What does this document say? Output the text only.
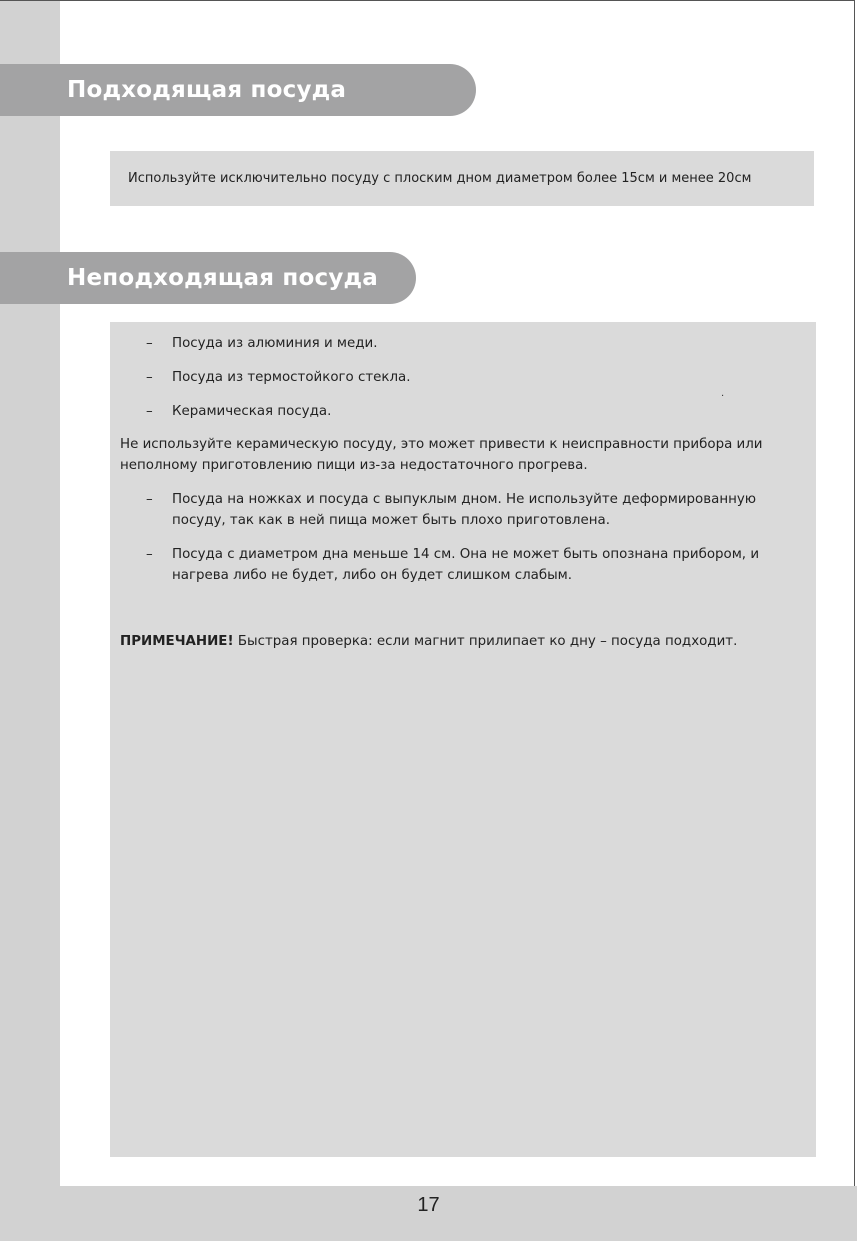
Подходящая посуда

Используйте исключительно посуду с плоским дном диаметром более 15см и менее 20см

Неподходящая посуда
– Посуда из алюминия и меди.
– Посуда из термостойкого стекла.
– Керамическая посуда.
.

Не используйте керамическую посуду, это может привести к неисправности прибора или неполному приготовлению пищи из-за недостаточного прогрева.

– Посуда на ножках и посуда с выпуклым дном. Не используйте деформированную посуду, так как в ней пища может быть плохо приготовлена.
– Посуда с диаметром дна меньше 14 см. Она не может быть опознана прибором, и нагрева либо не будет, либо он будет слишком слабым.

ПРИМЕЧАНИЕ! Быстрая проверка: если магнит прилипает ко дну – посуда подходит.

17
